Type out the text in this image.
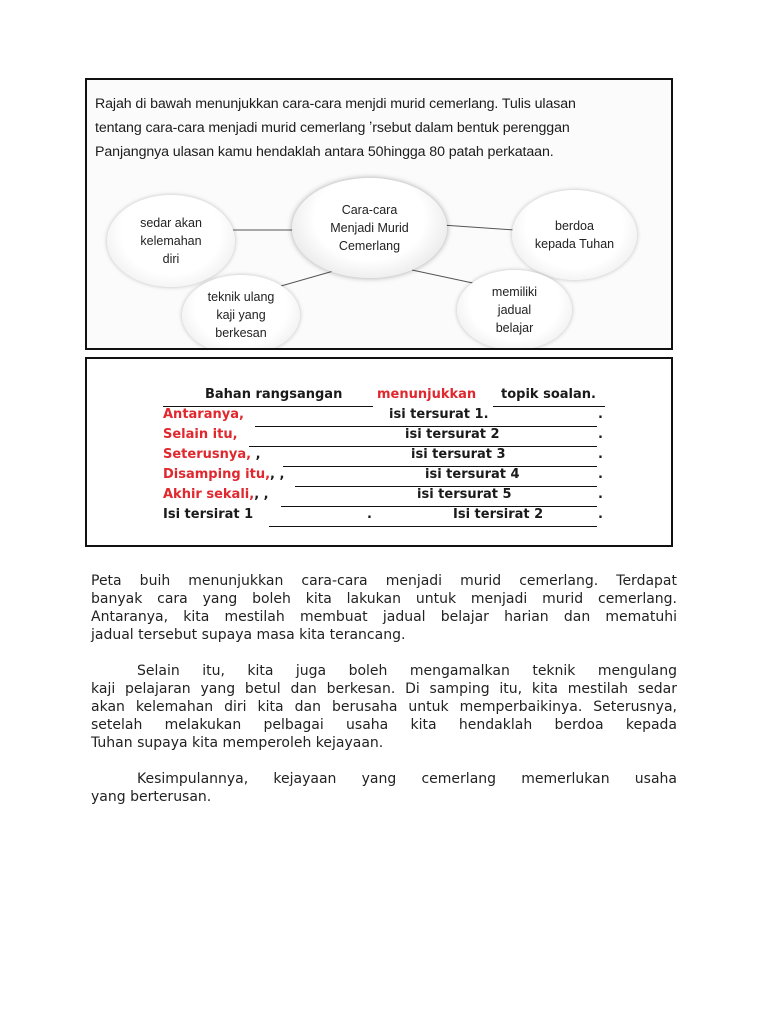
Rajah di bawah menunjukkan cara-cara menjdi murid cemerlang. Tulis ulasan
tentang cara-cara menjadi murid cemerlang ʼrsebut dalam bentuk perenggan
Panjangnya ulasan kamu hendaklah antara 50hingga 80 patah perkataan.
Cara-cara
Menjadi Murid
Cemerlang
sedar akan
kelemahan
diri
berdoa
kepada Tuhan
teknik ulang
kaji yang
berkesan
memiliki
jadual
belajar
Bahan rangsangan	menunjukkan topik soalan.
Antaranya,	isi tersurat 1.	.
Selain itu,	isi tersurat 2	.
Seterusnya, ,	isi tersurat 3	.
Disamping itu,, ,	isi tersurat 4	.
Akhir sekali,, ,	isi tersurat 5	.
Isi tersirat 1	.	Isi tersirat 2	.
Peta buih menunjukkan cara-cara menjadi murid cemerlang. Terdapat
banyak cara yang boleh kita lakukan untuk menjadi murid cemerlang.
Antaranya, kita mestilah membuat jadual belajar harian dan mematuhi
jadual tersebut supaya masa kita terancang.
Selain itu, kita juga boleh mengamalkan teknik mengulang
kaji pelajaran yang betul dan berkesan. Di samping itu, kita mestilah sedar
akan kelemahan diri kita dan berusaha untuk memperbaikinya. Seterusnya,
setelah melakukan pelbagai usaha kita hendaklah berdoa kepada
Tuhan supaya kita memperoleh kejayaan.
Kesimpulannya, kejayaan yang cemerlang memerlukan usaha
yang berterusan.
